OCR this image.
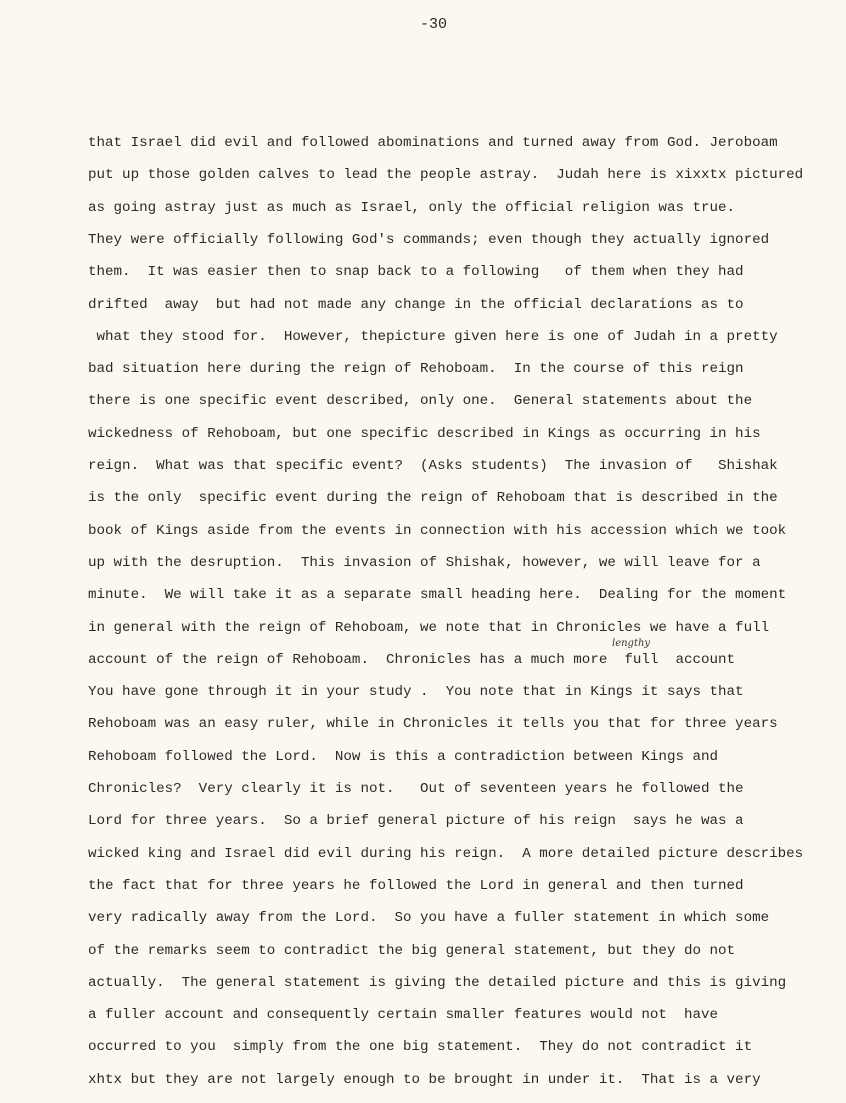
-30
that Israel did evil and followed abominations and turned away from God. Jeroboam
put up those golden calves to lead the people astray.  Judah here is xixxtx pictured
as going astray just as much as Israel, only the official religion was true.
They were officially following God's commands; even though they actually ignored
them.  It was easier then to snap back to a following   of them when they had
drifted  away  but had not made any change in the official declarations as to
what they stood for.  However, thepicture given here is one of Judah in a pretty
bad situation here during the reign of Rehoboam.  In the course of this reign
there is one specific event described, only one.  General statements about the
wickedness of Rehoboam, but one specific described in Kings as occurring in his
reign.  What was that specific event?  (Asks students)  The invasion of   Shishak
is the only  specific event during the reign of Rehoboam that is described in the
book of Kings aside from the events in connection with his accession which we took
up with the desruption.  This invasion of Shishak, however, we will leave for a
minute.  We will take it as a separate small heading here.  Dealing for the moment
in general with the reign of Rehoboam, we note that in Chronicles we have a full
account of the reign of Rehoboam.  Chronicles has a much more  full  account
You have gone through it in your study .  You note that in Kings it says that
Rehoboam was an easy ruler, while in Chronicles it tells you that for three years
Rehoboam followed the Lord.  Now is this a contradiction between Kings and
Chronicles?  Very clearly it is not.   Out of seventeen years he followed the
Lord for three years.  So a brief general picture of his reign  says he was a
wicked king and Israel did evil during his reign.  A more detailed picture describes
the fact that for three years he followed the Lord in general and then turned
very radically away from the Lord.  So you have a fuller statement in which some
of the remarks seem to contradict the big general statement, but they do not
actually.  The general statement is giving the detailed picture and this is giving
a fuller account and consequently certain smaller features would not  have
occurred to you  simply from the one big statement.  They do not contradict it
xhtx but they are not largely enough to be brought in under it.  That is a very
lengthy
